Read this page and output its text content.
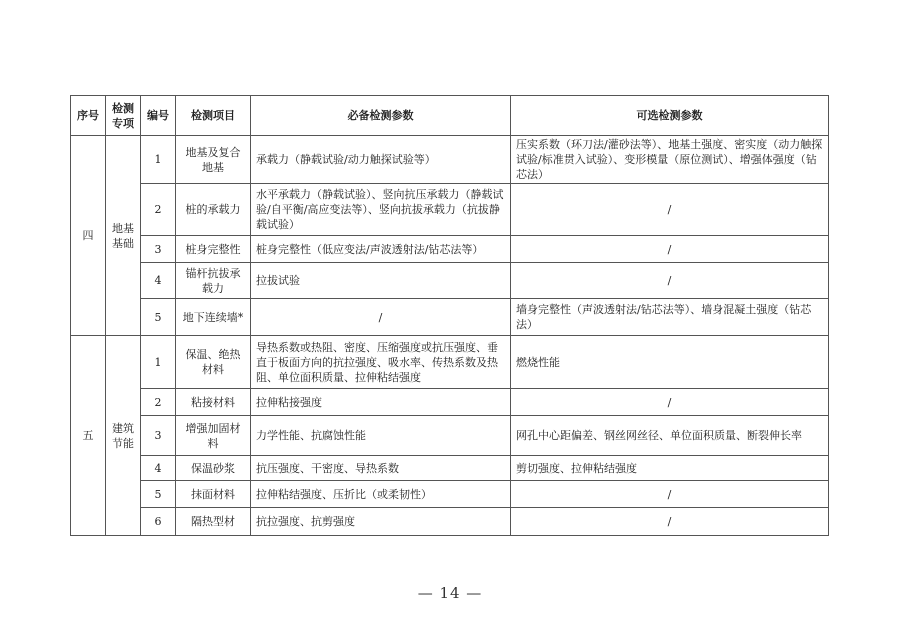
序号	检测专项	编号	检测项目	必备检测参数	可选检测参数
四	地基基础	1	地基及复合地基	承载力（静载试验/动力触探试验等）	压实系数（环刀法/灌砂法等）、地基土强度、密实度（动力触探试验/标准贯入试验）、变形模量（原位测试）、增强体强度（钻芯法）
		2	桩的承载力	水平承载力（静载试验）、竖向抗压承载力（静载试验/自平衡/高应变法等）、竖向抗拔承载力（抗拔静载试验）	/
		3	桩身完整性	桩身完整性（低应变法/声波透射法/钻芯法等）	/
		4	锚杆抗拔承载力	拉拔试验	/
		5	地下连续墙*	/	墙身完整性（声波透射法/钻芯法等）、墙身混凝土强度（钻芯法）
五	建筑节能	1	保温、绝热材料	导热系数或热阻、密度、压缩强度或抗压强度、垂直于板面方向的抗拉强度、吸水率、传热系数及热阻、单位面积质量、拉伸粘结强度	燃烧性能
		2	粘接材料	拉伸粘接强度	/
		3	增强加固材料	力学性能、抗腐蚀性能	网孔中心距偏差、钢丝网丝径、单位面积质量、断裂伸长率
		4	保温砂浆	抗压强度、干密度、导热系数	剪切强度、拉伸粘结强度
		5	抹面材料	拉伸粘结强度、压折比（或柔韧性）	/
		6	隔热型材	抗拉强度、抗剪强度	/
— 14 —
